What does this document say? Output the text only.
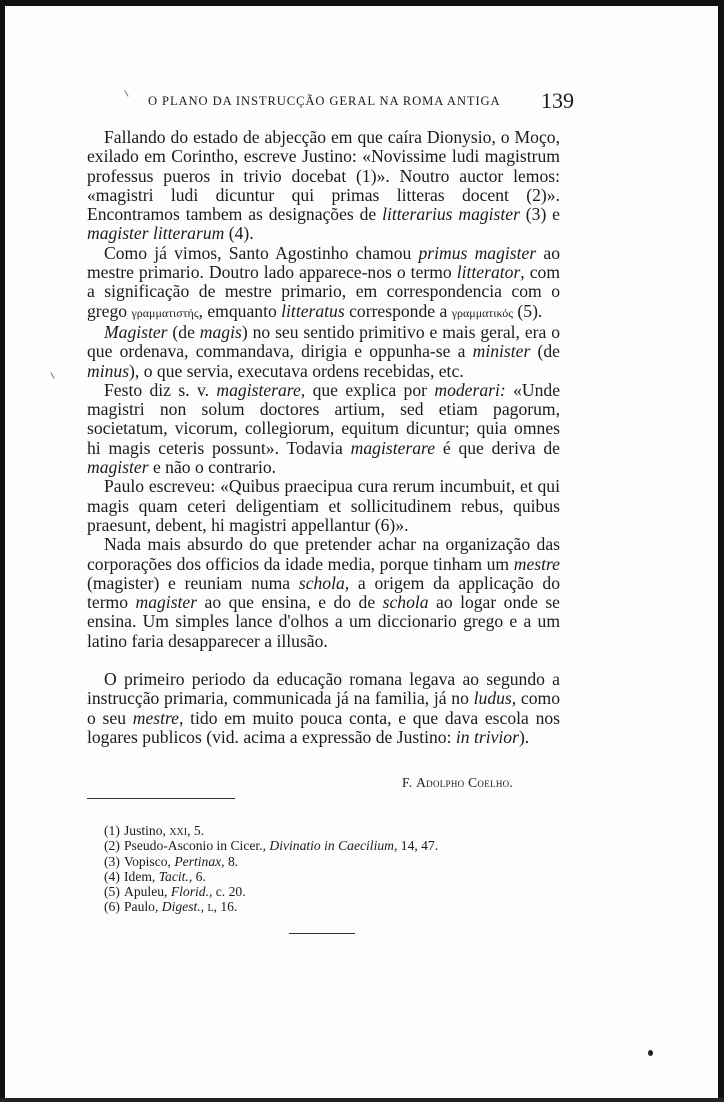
O PLANO DA INSTRUCÇÃO GERAL NA ROMA ANTIGA 139

Fallando do estado de abjecção em que caíra Dionysio, o Moço, exilado em Corintho, escreve Justino: «Novissime ludi magistrum professus pueros in trivio docebat (1)». Noutro auctor lemos: «magistri ludi dicuntur qui primas litteras docent (2)». Encontramos tambem as designações de litterarius magister (3) e magister litterarum (4).

Como já vimos, Santo Agostinho chamou primus magister ao mestre primario. Doutro lado apparece-nos o termo litterator, com a significação de mestre primario, em correspondencia com o grego γραμματιστής, emquanto litteratus corresponde a γραμματικός (5).

Magister (de magis) no seu sentido primitivo e mais geral, era o que ordenava, commandava, dirigia e oppunha-se a minister (de minus), o que servia, executava ordens recebidas, etc.

Festo diz s. v. magisterare, que explica por moderari: «Unde magistri non solum doctores artium, sed etiam pagorum, societatum, vicorum, collegiorum, equitum dicuntur; quia omnes hi magis ceteris possunt». Todavia magisterare é que deriva de magister e não o contrario.

Paulo escreveu: «Quibus praecipua cura rerum incumbuit, et qui magis quam ceteri deligentiam et sollicitudinem rebus, quibus praesunt, debent, hi magistri appellantur (6)».

Nada mais absurdo do que pretender achar na organização das corporações dos officios da idade media, porque tinham um mestre (magister) e reuniam numa schola, a origem da applicação do termo magister ao que ensina, e do de schola ao logar onde se ensina. Um simples lance d'olhos a um diccionario grego e a um latino faria desapparecer a illusão.

O primeiro periodo da educação romana legava ao segundo a instrucção primaria, communicada já na familia, já no ludus, como o seu mestre, tido em muito pouca conta, e que dava escola nos logares publicos (vid. acima a expressão de Justino: in trivior).

F. Adolpho Coelho.
(1) Justino, xxi, 5.
(2) Pseudo-Asconio in Cicer., Divinatio in Caecilium, 14, 47.
(3) Vopisco, Pertinax, 8.
(4) Idem, Tacit., 6.
(5) Apuleu, Florid., c. 20.
(6) Paulo, Digest., l, 16.
